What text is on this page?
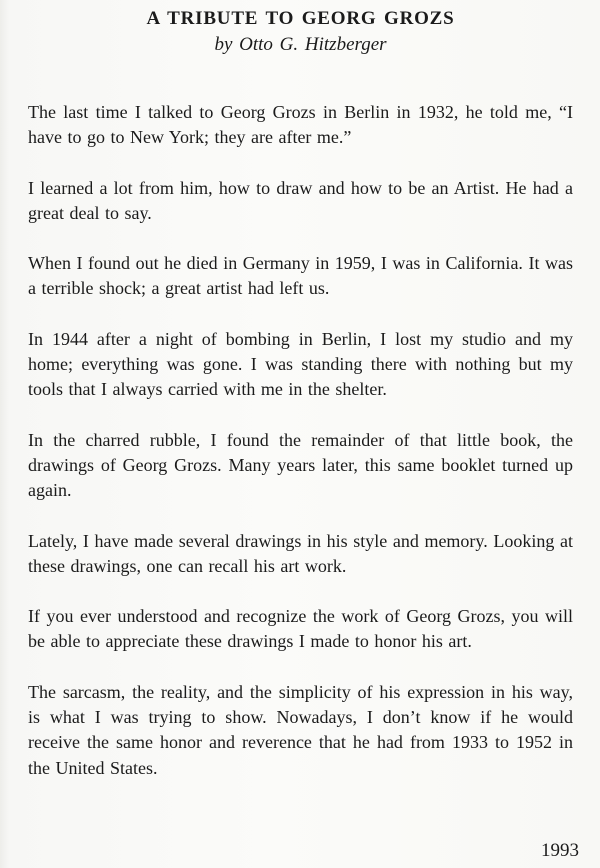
A TRIBUTE TO GEORG GROZS
by Otto G. Hitzberger

The last time I talked to Georg Grozs in Berlin in 1932, he told me, “I have to go to New York; they are after me.”

I learned a lot from him, how to draw and how to be an Artist. He had a great deal to say.

When I found out he died in Germany in 1959, I was in California. It was a terrible shock; a great artist had left us.

In 1944 after a night of bombing in Berlin, I lost my studio and my home; everything was gone. I was standing there with nothing but my tools that I always carried with me in the shelter.

In the charred rubble, I found the remainder of that little book, the drawings of Georg Grozs. Many years later, this same booklet turned up again.

Lately, I have made several drawings in his style and memory. Looking at these drawings, one can recall his art work.

If you ever understood and recognize the work of Georg Grozs, you will be able to appreciate these drawings I made to honor his art.

The sarcasm, the reality, and the simplicity of his expression in his way, is what I was trying to show. Nowadays, I don’t know if he would receive the same honor and reverence that he had from 1933 to 1952 in the United States.

1993
